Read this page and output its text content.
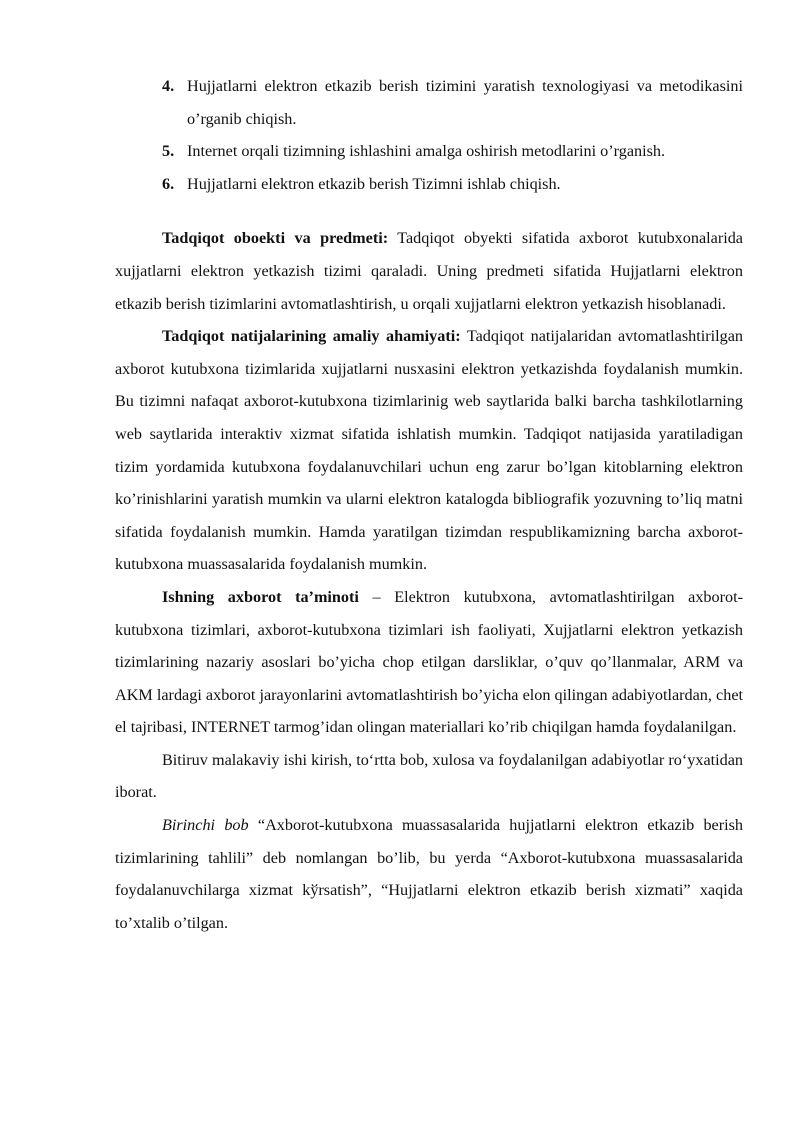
4. Hujjatlarni elektron etkazib berish tizimini yaratish texnologiyasi va metodikasini o’rganib chiqish.
5. Internet orqali tizimning ishlashini amalga oshirish metodlarini o’rganish.
6. Hujjatlarni elektron etkazib berish Tizimni ishlab chiqish.

Tadqiqot oboekti va predmeti: Tadqiqot obyekti sifatida axborot kutubxonalarida xujjatlarni elektron yetkazish tizimi qaraladi. Uning predmeti sifatida Hujjatlarni elektron etkazib berish tizimlarini avtomatlashtirish, u orqali xujjatlarni elektron yetkazish hisoblanadi.

Tadqiqot natijalarining amaliy ahamiyati: Tadqiqot natijalaridan avtomatlashtirilgan axborot kutubxona tizimlarida xujjatlarni nusxasini elektron yetkazishda foydalanish mumkin. Bu tizimni nafaqat axborot-kutubxona tizimlarinig web saytlarida balki barcha tashkilotlarning web saytlarida interaktiv xizmat sifatida ishlatish mumkin. Tadqiqot natijasida yaratiladigan tizim yordamida kutubxona foydalanuvchilari uchun eng zarur bo’lgan kitoblarning elektron ko’rinishlarini yaratish mumkin va ularni elektron katalogda bibliografik yozuvning to’liq matni sifatida foydalanish mumkin. Hamda yaratilgan tizimdan respublikamizning barcha axborot-kutubxona muassasalarida foydalanish mumkin.

Ishning axborot ta’minoti – Elektron kutubxona, avtomatlashtirilgan axborot-kutubxona tizimlari, axborot-kutubxona tizimlari ish faoliyati, Xujjatlarni elektron yetkazish tizimlarining nazariy asoslari bo’yicha chop etilgan darsliklar, o’quv qo’llanmalar, ARM va AKM lardagi axborot jarayonlarini avtomatlashtirish bo’yicha elon qilingan adabiyotlardan, chet el tajribasi, INTERNET tarmog’idan olingan materiallari ko’rib chiqilgan hamda foydalanilgan.

Bitiruv malakaviy ishi kirish, to‘rtta bob, xulosa va foydalanilgan adabiyotlar ro‘yxatidan iborat.

Birinchi bob “Axborot-kutubxona muassasalarida hujjatlarni elektron etkazib berish tizimlarining tahlili” deb nomlangan bo’lib, bu yerda “Axborot-kutubxona muassasalarida foydalanuvchilarga xizmat kўrsatish”, “Hujjatlarni elektron etkazib berish xizmati” xaqida to’xtalib o’tilgan.
